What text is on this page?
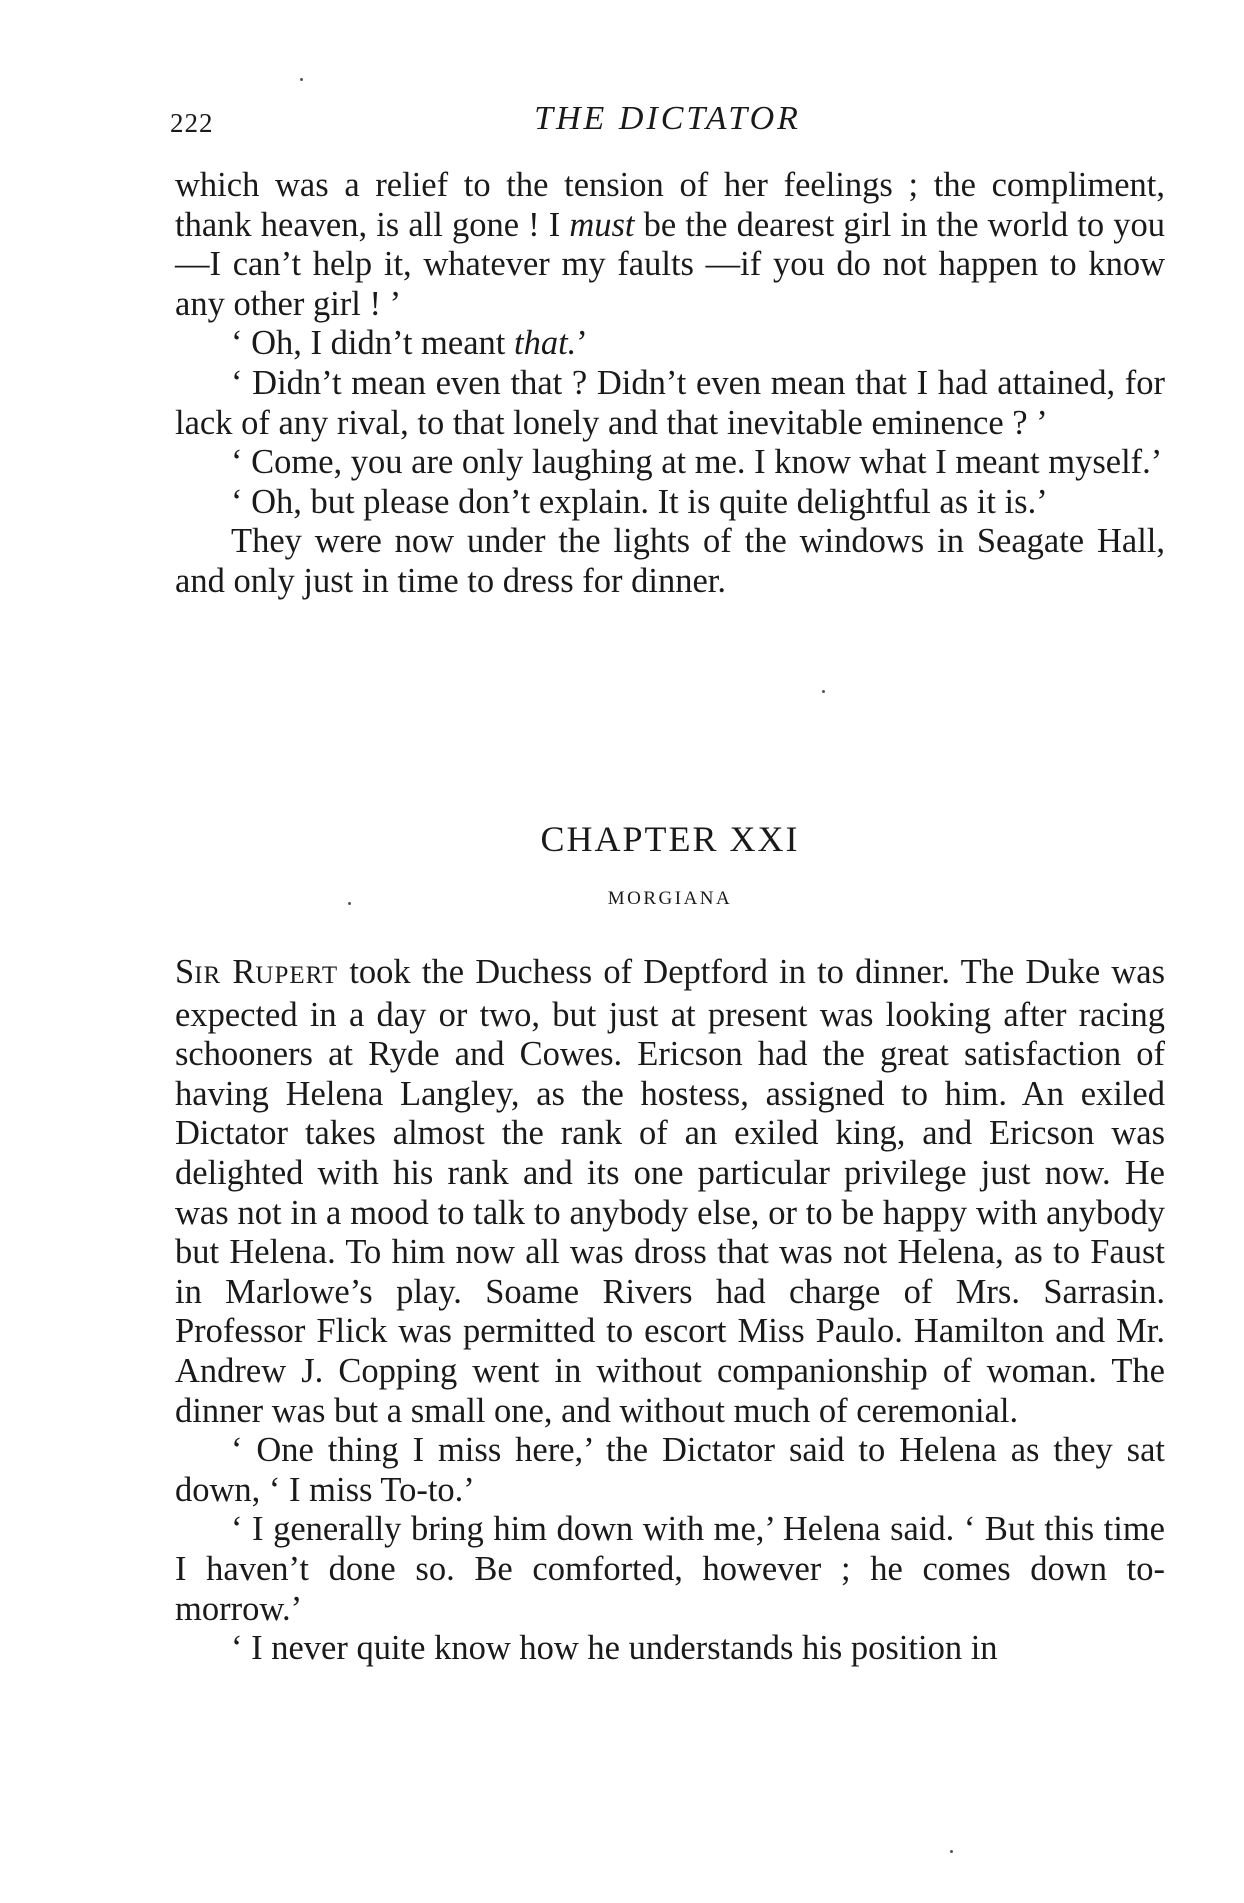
222	THE DICTATOR

which was a relief to the tension of her feelings ; the compliment, thank heaven, is all gone ! I must be the dearest girl in the world to you—I can’t help it, whatever my faults —if you do not happen to know any other girl ! ’

‘ Oh, I didn’t meant that.’

‘ Didn’t mean even that ? Didn’t even mean that I had attained, for lack of any rival, to that lonely and that inevitable eminence ? ’

‘ Come, you are only laughing at me. I know what I meant myself.’

‘ Oh, but please don’t explain. It is quite delightful as it is.’

They were now under the lights of the windows in Seagate Hall, and only just in time to dress for dinner.

CHAPTER XXI
MORGIANA

SIR RUPERT took the Duchess of Deptford in to dinner. The Duke was expected in a day or two, but just at present was looking after racing schooners at Ryde and Cowes. Ericson had the great satisfaction of having Helena Langley, as the hostess, assigned to him. An exiled Dictator takes almost the rank of an exiled king, and Ericson was delighted with his rank and its one particular privilege just now. He was not in a mood to talk to anybody else, or to be happy with anybody but Helena. To him now all was dross that was not Helena, as to Faust in Marlowe’s play. Soame Rivers had charge of Mrs. Sarrasin. Professor Flick was permitted to escort Miss Paulo. Hamilton and Mr. Andrew J. Copping went in without companionship of woman. The dinner was but a small one, and without much of ceremonial.

‘ One thing I miss here,’ the Dictator said to Helena as they sat down, ‘ I miss To-to.’

‘ I generally bring him down with me,’ Helena said. ‘ But this time I haven’t done so. Be comforted, however ; he comes down to-morrow.’

‘ I never quite know how he understands his position in
